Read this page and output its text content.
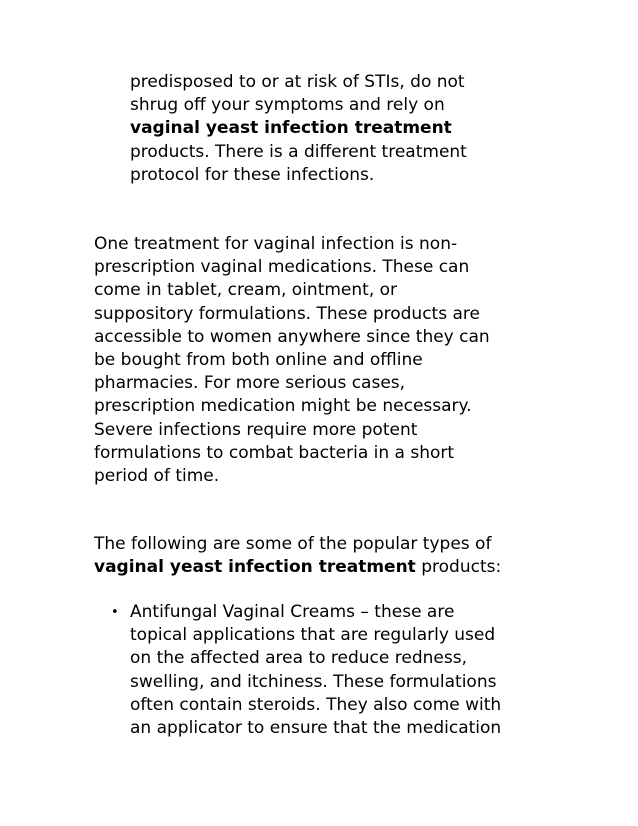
predisposed to or at risk of STIs, do not
shrug off your symptoms and rely on
vaginal yeast infection treatment
products. There is a different treatment
protocol for these infections.
One treatment for vaginal infection is non-
prescription vaginal medications. These can
come in tablet, cream, ointment, or
suppository formulations. These products are
accessible to women anywhere since they can
be bought from both online and offline
pharmacies. For more serious cases,
prescription medication might be necessary.
Severe infections require more potent
formulations to combat bacteria in a short
period of time.
The following are some of the popular types of
vaginal yeast infection treatment products:
• Antifungal Vaginal Creams – these are
topical applications that are regularly used
on the affected area to reduce redness,
swelling, and itchiness. These formulations
often contain steroids. They also come with
an applicator to ensure that the medication
